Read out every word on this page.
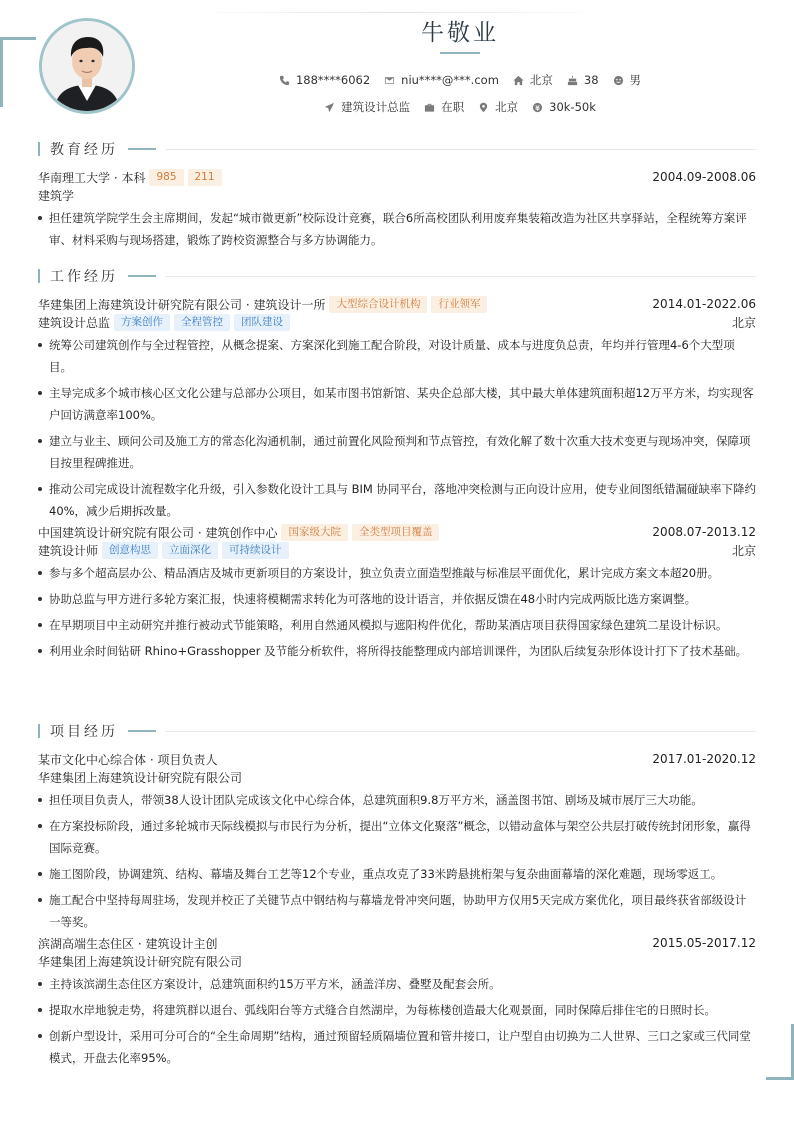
牛敬业
188****6062	niu****@***.com	北京	38	男
建筑设计总监	在职	北京	30k-50k
教育经历
华南理工大学 · 本科	985	211	2004.09-2008.06
建筑学
担任建筑学院学生会主席期间，发起“城市微更新”校际设计竞赛，联合6所高校团队利用废弃集装箱改造为社区共享驿站，全程统筹方案评审、材料采购与现场搭建，锻炼了跨校资源整合与多方协调能力。
工作经历
华建集团上海建筑设计研究院有限公司 · 建筑设计一所	大型综合设计机构	行业领军	2014.01-2022.06
建筑设计总监	方案创作	全程管控	团队建设	北京
统筹公司建筑创作与全过程管控，从概念提案、方案深化到施工配合阶段，对设计质量、成本与进度负总责，年均并行管理4-6个大型项目。
主导完成多个城市核心区文化公建与总部办公项目，如某市图书馆新馆、某央企总部大楼，其中最大单体建筑面积超12万平方米，均实现客户回访满意率100%。
建立与业主、顾问公司及施工方的常态化沟通机制，通过前置化风险预判和节点管控，有效化解了数十次重大技术变更与现场冲突，保障项目按里程碑推进。
推动公司完成设计流程数字化升级，引入参数化设计工具与 BIM 协同平台，落地冲突检测与正向设计应用，使专业间图纸错漏碰缺率下降约40%，减少后期拆改量。
中国建筑设计研究院有限公司 · 建筑创作中心	国家级大院	全类型项目覆盖	2008.07-2013.12
建筑设计师	创意构思	立面深化	可持续设计	北京
参与多个超高层办公、精品酒店及城市更新项目的方案设计，独立负责立面造型推敲与标准层平面优化，累计完成方案文本超20册。
协助总监与甲方进行多轮方案汇报，快速将模糊需求转化为可落地的设计语言，并依据反馈在48小时内完成两版比选方案调整。
在早期项目中主动研究并推行被动式节能策略，利用自然通风模拟与遮阳构件优化，帮助某酒店项目获得国家绿色建筑二星设计标识。
利用业余时间钻研 Rhino+Grasshopper 及节能分析软件，将所得技能整理成内部培训课件，为团队后续复杂形体设计打下了技术基础。
项目经历
某市文化中心综合体 · 项目负责人	2017.01-2020.12
华建集团上海建筑设计研究院有限公司
担任项目负责人，带领38人设计团队完成该文化中心综合体，总建筑面积9.8万平方米，涵盖图书馆、剧场及城市展厅三大功能。
在方案投标阶段，通过多轮城市天际线模拟与市民行为分析，提出“立体文化聚落”概念，以错动盒体与架空公共层打破传统封闭形象，赢得国际竞赛。
施工图阶段，协调建筑、结构、幕墙及舞台工艺等12个专业，重点攻克了33米跨悬挑桁架与复杂曲面幕墙的深化难题，现场零返工。
施工配合中坚持每周驻场，发现并校正了关键节点中钢结构与幕墙龙骨冲突问题，协助甲方仅用5天完成方案优化，项目最终获省部级设计一等奖。
滨湖高端生态住区 · 建筑设计主创	2015.05-2017.12
华建集团上海建筑设计研究院有限公司
主持该滨湖生态住区方案设计，总建筑面积约15万平方米，涵盖洋房、叠墅及配套会所。
提取水岸地貌走势，将建筑群以退台、弧线阳台等方式缝合自然湖岸，为每栋楼创造最大化观景面，同时保障后排住宅的日照时长。
创新户型设计，采用可分可合的“全生命周期”结构，通过预留轻质隔墙位置和管井接口，让户型自由切换为二人世界、三口之家或三代同堂模式，开盘去化率95%。
